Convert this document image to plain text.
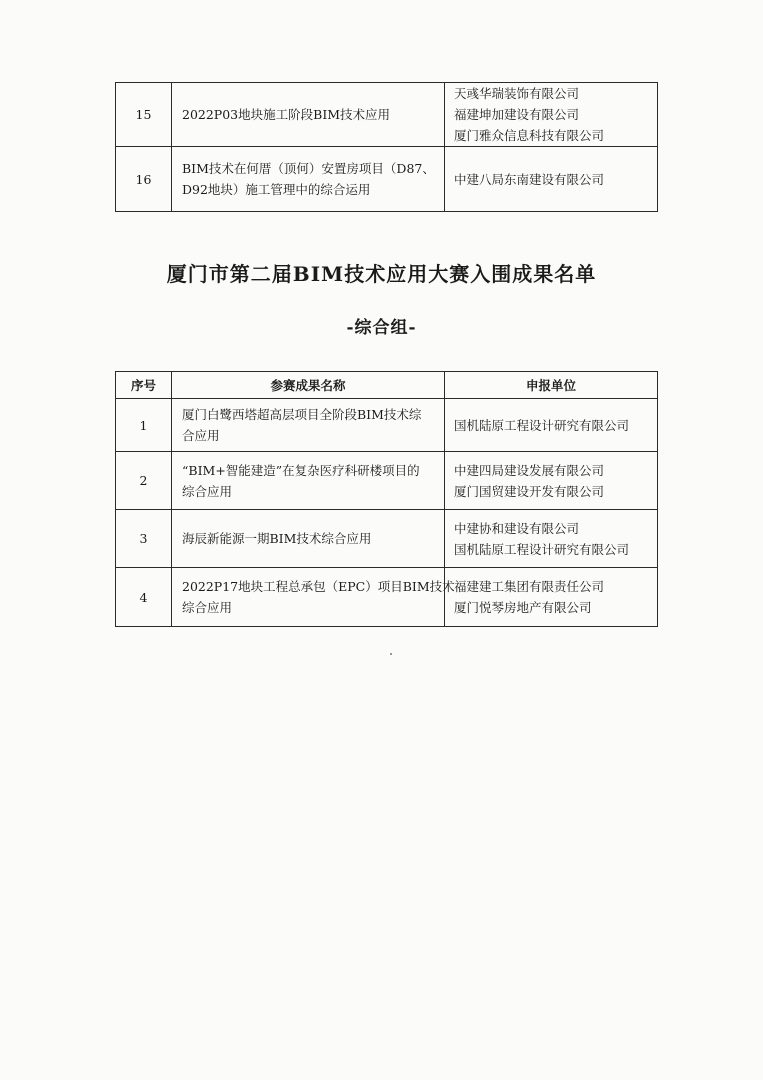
15	2022P03地块施工阶段BIM技术应用	天彧华瑞装饰有限公司
福建坤加建设有限公司
厦门雅众信息科技有限公司

16	BIM技术在何厝（顶何）安置房项目（D87、
D92地块）施工管理中的综合运用	中建八局东南建设有限公司
厦门市第二届BIM技术应用大赛入围成果名单
-综合组-
序号	参赛成果名称	申报单位
1	厦门白鹭西塔超高层项目全阶段BIM技术综
合应用	国机陆原工程设计研究有限公司

2	“BIM+智能建造”在复杂医疗科研楼项目的
综合应用	中建四局建设发展有限公司
厦门国贸建设开发有限公司

3	海辰新能源一期BIM技术综合应用	中建协和建设有限公司
国机陆原工程设计研究有限公司

4	2022P17地块工程总承包（EPC）项目BIM技术
综合应用	福建建工集团有限责任公司
厦门悦琴房地产有限公司
